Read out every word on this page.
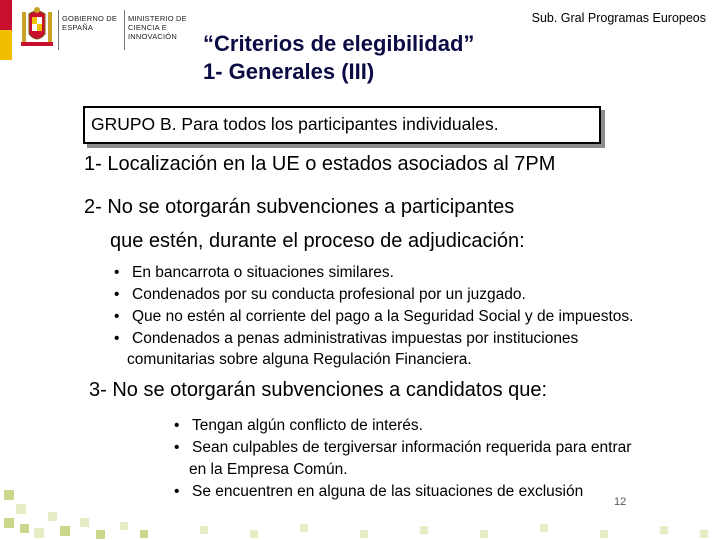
GOBIERNO DE ESPAÑA
MINISTERIO DE CIENCIA E INNOVACIÓN
Sub. Gral Programas Europeos
“Criterios de elegibilidad”
1- Generales (III)
GRUPO B. Para todos los participantes individuales.
1- Localización en la UE o estados asociados al 7PM
2- No se otorgarán subvenciones a participantes
que estén, durante el proceso de adjudicación:
• En bancarrota o situaciones similares.
• Condenados por su conducta profesional por un juzgado.
• Que no estén al corriente del pago a la Seguridad Social y de impuestos.
• Condenados a penas administrativas impuestas por instituciones
comunitarias sobre alguna Regulación Financiera.
3- No se otorgarán subvenciones a candidatos que:
• Tengan algún conflicto de interés.
• Sean culpables de tergiversar información requerida para entrar
en la Empresa Común.
• Se encuentren en alguna de las situaciones de exclusión
12
